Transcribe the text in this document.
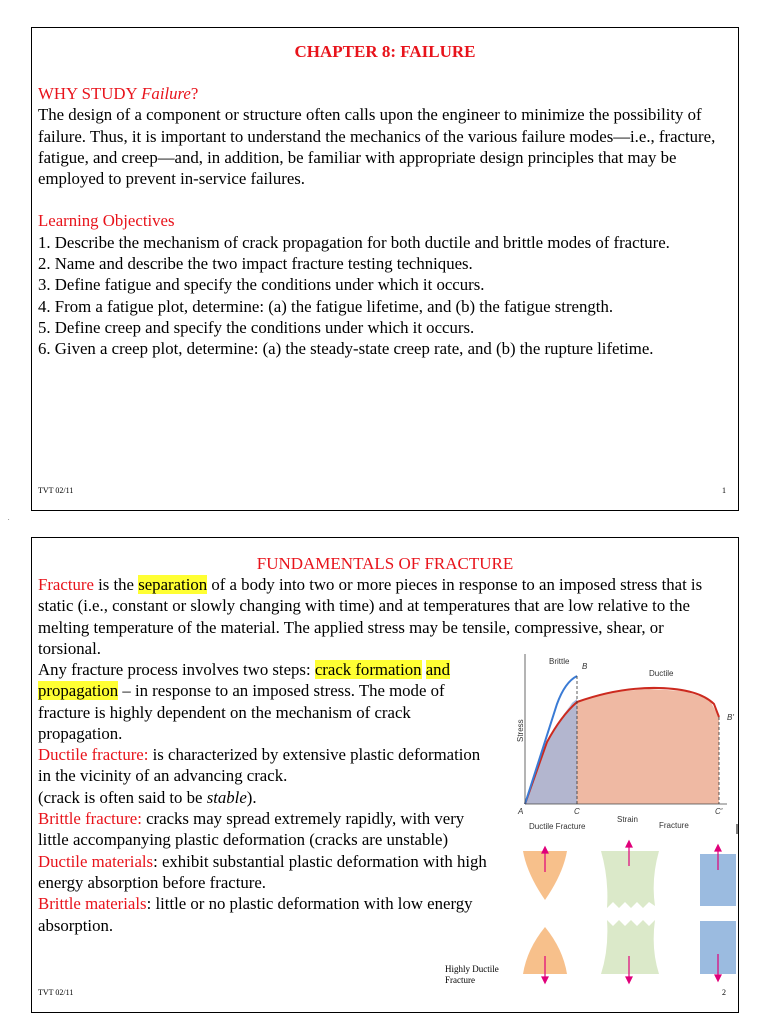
CHAPTER 8: FAILURE

WHY STUDY Failure?

The design of a component or structure often calls upon the engineer to minimize the possibility of failure. Thus, it is important to understand the mechanics of the various failure modes—i.e., fracture, fatigue, and creep—and, in addition, be familiar with appropriate design principles that may be employed to prevent in-service failures.

Learning Objectives

1. Describe the mechanism of crack propagation for both ductile and brittle modes of fracture.

2. Name and describe the two impact fracture testing techniques.

3. Define fatigue and specify the conditions under which it occurs.

4. From a fatigue plot, determine: (a) the fatigue lifetime, and (b) the fatigue strength.

5. Define creep and specify the conditions under which it occurs.

6. Given a creep plot, determine: (a) the steady-state creep rate, and (b) the rupture lifetime.

TVT 02/11	1
.
FUNDAMENTALS OF FRACTURE

Fracture is the separation of a body into two or more pieces in response to an imposed stress that is static (i.e., constant or slowly changing with time) and at temperatures that are low relative to the melting temperature of the material. The applied stress may be tensile, compressive, shear, or torsional.

Any fracture process involves two steps: crack formation and propagation – in response to an imposed stress. The mode of fracture is highly dependent on the mechanism of crack propagation.

Ductile fracture: is characterized by extensive plastic deformation in the vicinity of an advancing crack.

(crack is often said to be stable).

Brittle fracture: cracks may spread extremely rapidly, with very little accompanying plastic deformation (cracks are unstable)

Ductile materials: exhibit substantial plastic deformation with high energy absorption before fracture.

Brittle materials: little or no plastic deformation with low energy absorption.

Brittle
B
Ductile
B'
A	C	C'
Stress
Strain
Ductile Fracture	Fracture
Highly Ductile
Fracture
TVT 02/11	2
